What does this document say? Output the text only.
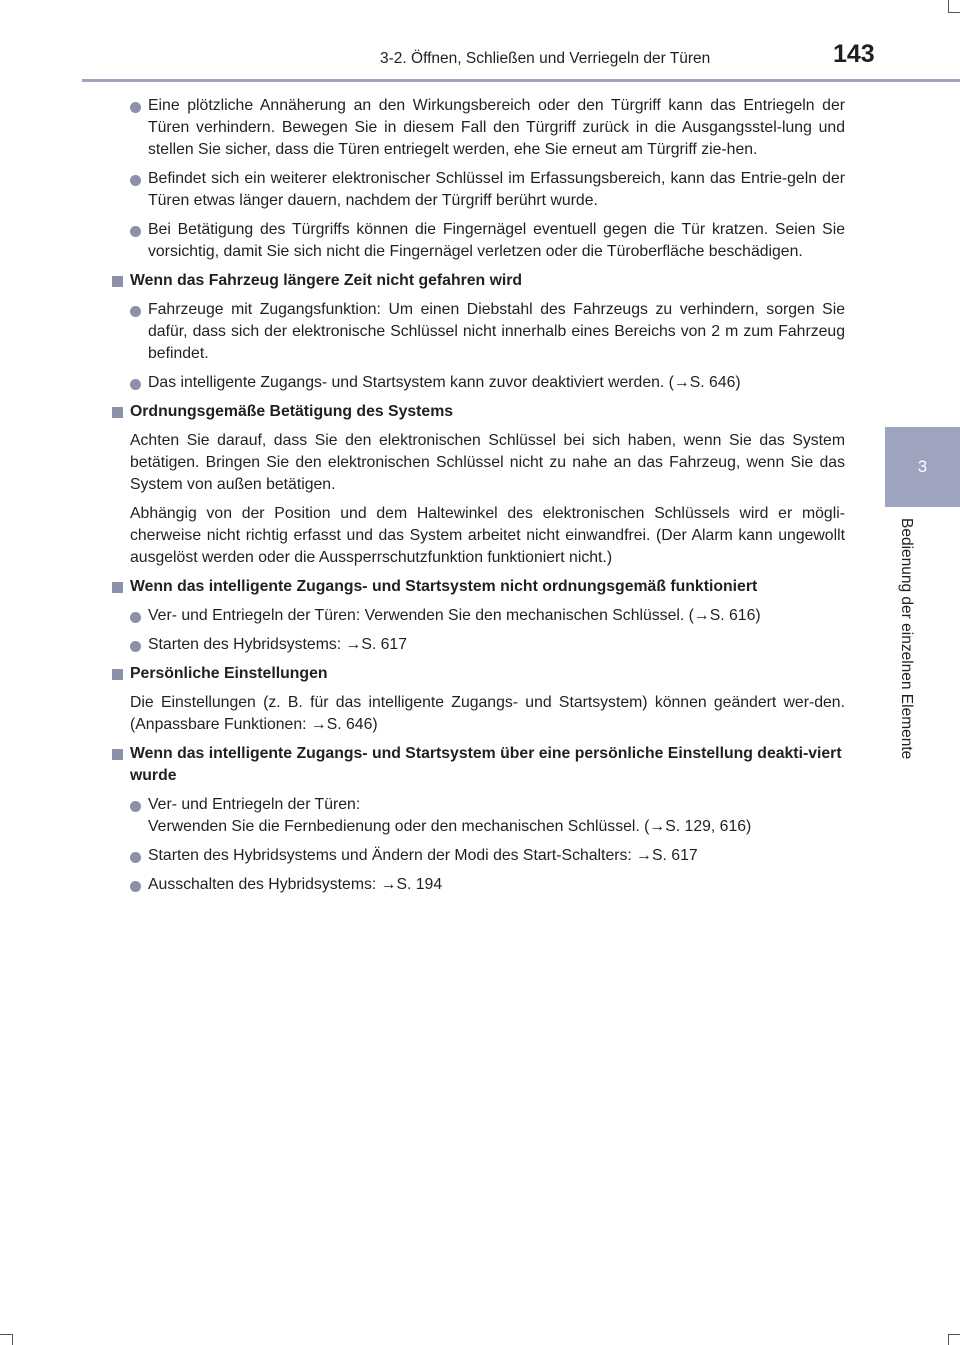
3-2. Öffnen, Schließen und Verriegeln der Türen	143
3
Bedienung der einzelnen Elemente
Eine plötzliche Annäherung an den Wirkungsbereich oder den Türgriff kann das Entriegeln der Türen verhindern. Bewegen Sie in diesem Fall den Türgriff zurück in die Ausgangsstel-lung und stellen Sie sicher, dass die Türen entriegelt werden, ehe Sie erneut am Türgriff zie-hen.
Befindet sich ein weiterer elektronischer Schlüssel im Erfassungsbereich, kann das Entrie-geln der Türen etwas länger dauern, nachdem der Türgriff berührt wurde.
Bei Betätigung des Türgriffs können die Fingernägel eventuell gegen die Tür kratzen. Seien Sie vorsichtig, damit Sie sich nicht die Fingernägel verletzen oder die Türoberfläche beschädigen.
Wenn das Fahrzeug längere Zeit nicht gefahren wird
Fahrzeuge mit Zugangsfunktion: Um einen Diebstahl des Fahrzeugs zu verhindern, sorgen Sie dafür, dass sich der elektronische Schlüssel nicht innerhalb eines Bereichs von 2 m zum Fahrzeug befindet.
Das intelligente Zugangs- und Startsystem kann zuvor deaktiviert werden. (→S. 646)
Ordnungsgemäße Betätigung des Systems
Achten Sie darauf, dass Sie den elektronischen Schlüssel bei sich haben, wenn Sie das System betätigen. Bringen Sie den elektronischen Schlüssel nicht zu nahe an das Fahrzeug, wenn Sie das System von außen betätigen.
Abhängig von der Position und dem Haltewinkel des elektronischen Schlüssels wird er mögli-cherweise nicht richtig erfasst und das System arbeitet nicht einwandfrei. (Der Alarm kann ungewollt ausgelöst werden oder die Aussperrschutzfunktion funktioniert nicht.)
Wenn das intelligente Zugangs- und Startsystem nicht ordnungsgemäß funktioniert
Ver- und Entriegeln der Türen: Verwenden Sie den mechanischen Schlüssel. (→S. 616)
Starten des Hybridsystems: →S. 617
Persönliche Einstellungen
Die Einstellungen (z. B. für das intelligente Zugangs- und Startsystem) können geändert wer-den. (Anpassbare Funktionen: →S. 646)
Wenn das intelligente Zugangs- und Startsystem über eine persönliche Einstellung deakti-viert wurde
Ver- und Entriegeln der Türen:
Verwenden Sie die Fernbedienung oder den mechanischen Schlüssel. (→S. 129, 616)
Starten des Hybridsystems und Ändern der Modi des Start-Schalters: →S. 617
Ausschalten des Hybridsystems: →S. 194
